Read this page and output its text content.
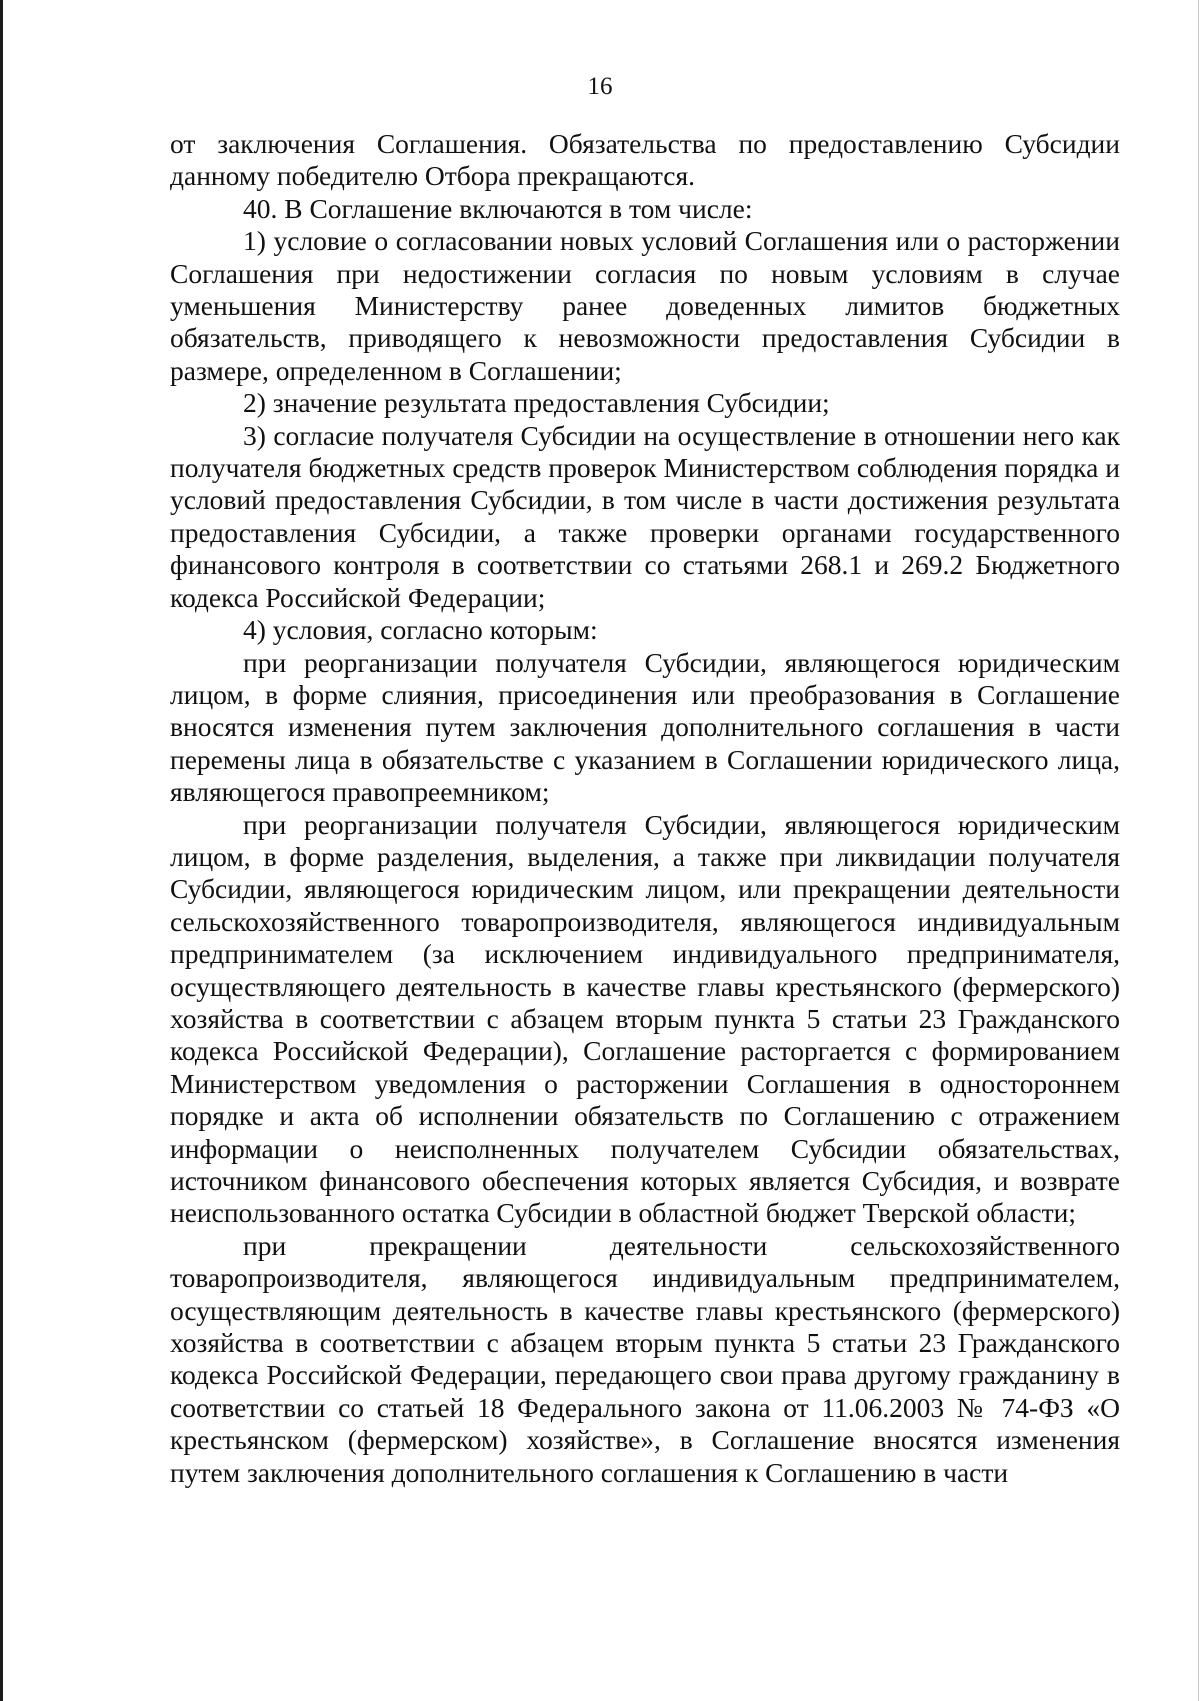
16

от заключения Соглашения. Обязательства по предоставлению Субсидии данному победителю Отбора прекращаются.

40. В Соглашение включаются в том числе:

1) условие о согласовании новых условий Соглашения или о расторжении Соглашения при недостижении согласия по новым условиям в случае уменьшения Министерству ранее доведенных лимитов бюджетных обязательств, приводящего к невозможности предоставления Субсидии в размере, определенном в Соглашении;

2) значение результата предоставления Субсидии;

3) согласие получателя Субсидии на осуществление в отношении него как получателя бюджетных средств проверок Министерством соблюдения порядка и условий предоставления Субсидии, в том числе в части достижения результата предоставления Субсидии, а также проверки органами государственного финансового контроля в соответствии со статьями 268.1 и 269.2 Бюджетного кодекса Российской Федерации;

4) условия, согласно которым:

при реорганизации получателя Субсидии, являющегося юридическим лицом, в форме слияния, присоединения или преобразования в Соглашение вносятся изменения путем заключения дополнительного соглашения в части перемены лица в обязательстве с указанием в Соглашении юридического лица, являющегося правопреемником;

при реорганизации получателя Субсидии, являющегося юридическим лицом, в форме разделения, выделения, а также при ликвидации получателя Субсидии, являющегося юридическим лицом, или прекращении деятельности сельскохозяйственного товаропроизводителя, являющегося индивидуальным предпринимателем (за исключением индивидуального предпринимателя, осуществляющего деятельность в качестве главы крестьянского (фермерского) хозяйства в соответствии с абзацем вторым пункта 5 статьи 23 Гражданского кодекса Российской Федерации), Соглашение расторгается с формированием Министерством уведомления о расторжении Соглашения в одностороннем порядке и акта об исполнении обязательств по Соглашению с отражением информации о неисполненных получателем Субсидии обязательствах, источником финансового обеспечения которых является Субсидия, и возврате неиспользованного остатка Субсидии в областной бюджет Тверской области;

при прекращении деятельности сельскохозяйственного товаропроизводителя, являющегося индивидуальным предпринимателем, осуществляющим деятельность в качестве главы крестьянского (фермерского) хозяйства в соответствии с абзацем вторым пункта 5 статьи 23 Гражданского кодекса Российской Федерации, передающего свои права другому гражданину в соответствии со статьей 18 Федерального закона от 11.06.2003 № 74-ФЗ «О крестьянском (фермерском) хозяйстве», в Соглашение вносятся изменения путем заключения дополнительного соглашения к Соглашению в части
